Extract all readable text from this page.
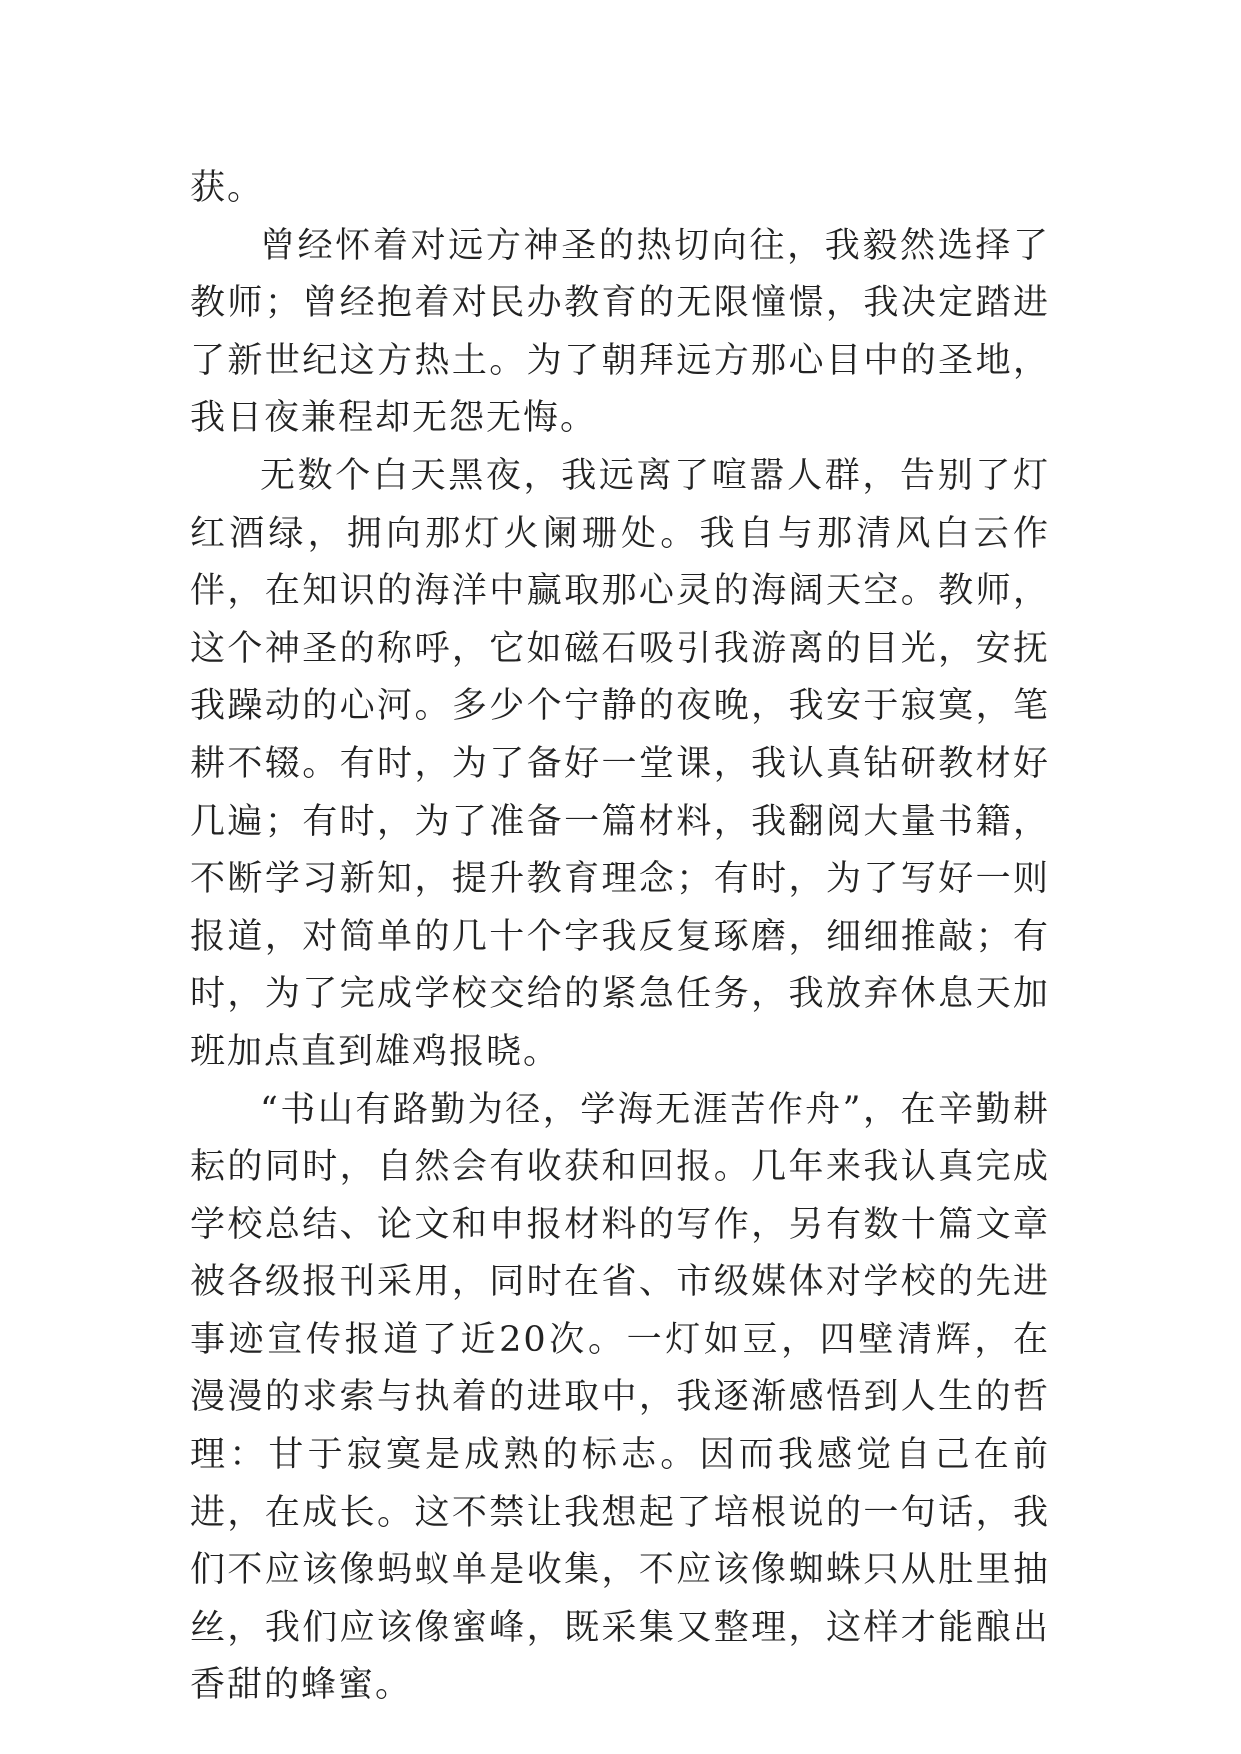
获。

曾经怀着对远方神圣的热切向往，我毅然选择了教师；曾经抱着对民办教育的无限憧憬，我决定踏进了新世纪这方热土。为了朝拜远方那心目中的圣地，我日夜兼程却无怨无悔。

无数个白天黑夜，我远离了喧嚣人群，告别了灯红酒绿，拥向那灯火阑珊处。我自与那清风白云作伴，在知识的海洋中赢取那心灵的海阔天空。教师，这个神圣的称呼，它如磁石吸引我游离的目光，安抚我躁动的心河。多少个宁静的夜晚，我安于寂寞，笔耕不辍。有时，为了备好一堂课，我认真钻研教材好几遍；有时，为了准备一篇材料，我翻阅大量书籍，不断学习新知，提升教育理念；有时，为了写好一则报道，对简单的几十个字我反复琢磨，细细推敲；有时，为了完成学校交给的紧急任务，我放弃休息天加班加点直到雄鸡报晓。

“书山有路勤为径，学海无涯苦作舟”，在辛勤耕耘的同时，自然会有收获和回报。几年来我认真完成学校总结、论文和申报材料的写作，另有数十篇文章被各级报刊采用，同时在省、市级媒体对学校的先进事迹宣传报道了近20次。一灯如豆，四壁清辉，在漫漫的求索与执着的进取中，我逐渐感悟到人生的哲理：甘于寂寞是成熟的标志。因而我感觉自己在前进，在成长。这不禁让我想起了培根说的一句话，我们不应该像蚂蚁单是收集，不应该像蜘蛛只从肚里抽丝，我们应该像蜜峰，既采集又整理，这样才能酿出香甜的蜂蜜。
